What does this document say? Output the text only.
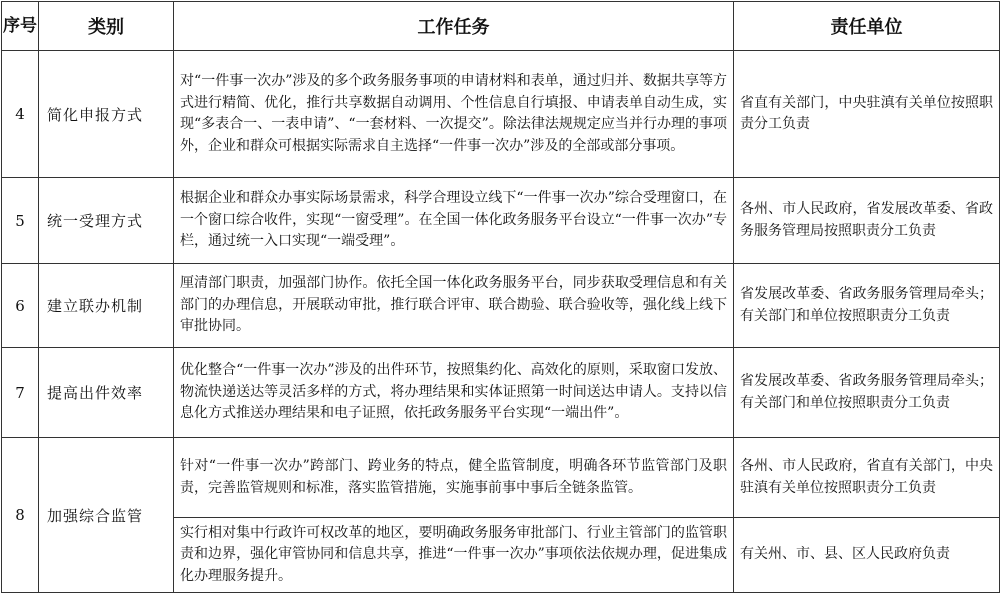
序号	类别	工作任务	责任单位
4	简化申报方式	对“一件事一次办”涉及的多个政务服务事项的申请材料和表单，通过归并、数据共享等方式进行精简、优化，推行共享数据自动调用、个性信息自行填报、申请表单自动生成，实现“多表合一、一表申请”、“一套材料、一次提交”。除法律法规规定应当并行办理的事项外，企业和群众可根据实际需求自主选择“一件事一次办”涉及的全部或部分事项。	省直有关部门，中央驻滇有关单位按照职责分工负责
5	统一受理方式	根据企业和群众办事实际场景需求，科学合理设立线下“一件事一次办”综合受理窗口，在一个窗口综合收件，实现“一窗受理”。在全国一体化政务服务平台设立“一件事一次办”专栏，通过统一入口实现“一端受理”。	各州、市人民政府，省发展改革委、省政务服务管理局按照职责分工负责
6	建立联办机制	厘清部门职责，加强部门协作。依托全国一体化政务服务平台，同步获取受理信息和有关部门的办理信息，开展联动审批，推行联合评审、联合勘验、联合验收等，强化线上线下审批协同。	省发展改革委、省政务服务管理局牵头；有关部门和单位按照职责分工负责
7	提高出件效率	优化整合“一件事一次办”涉及的出件环节，按照集约化、高效化的原则，采取窗口发放、物流快递送达等灵活多样的方式，将办理结果和实体证照第一时间送达申请人。支持以信息化方式推送办理结果和电子证照，依托政务服务平台实现“一端出件”。	省发展改革委、省政务服务管理局牵头；有关部门和单位按照职责分工负责
8	加强综合监管	针对“一件事一次办”跨部门、跨业务的特点，健全监管制度，明确各环节监管部门及职责，完善监管规则和标准，落实监管措施，实施事前事中事后全链条监管。	各州、市人民政府，省直有关部门，中央驻滇有关单位按照职责分工负责
		实行相对集中行政许可权改革的地区，要明确政务服务审批部门、行业主管部门的监管职责和边界，强化审管协同和信息共享，推进“一件事一次办”事项依法依规办理，促进集成化办理服务提升。	有关州、市、县、区人民政府负责
